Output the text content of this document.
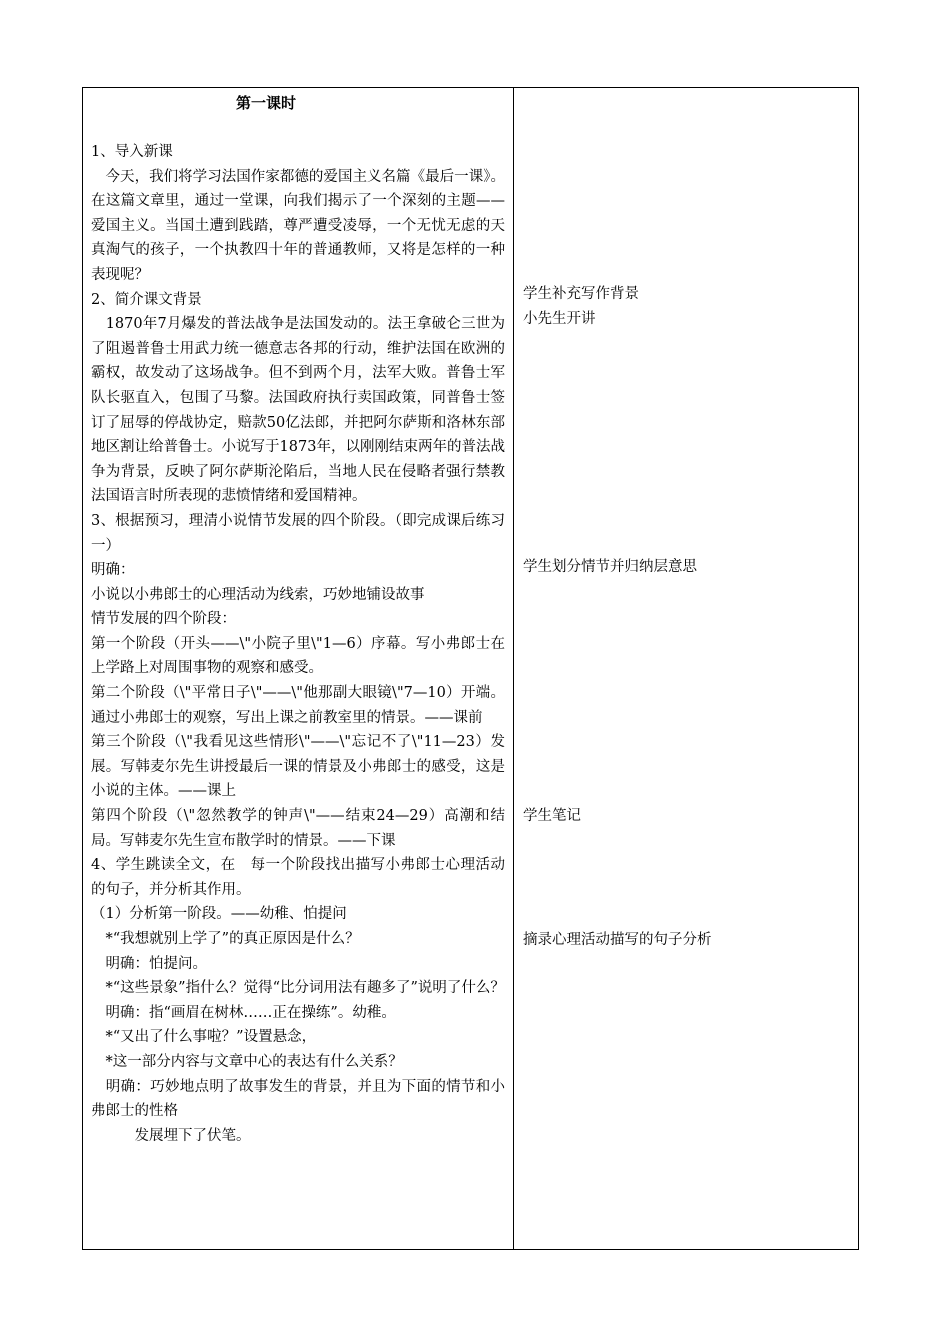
第一课时

1、导入新课

　今天，我们将学习法国作家都德的爱国主义名篇《最后一课》。在这篇文章里，通过一堂课，向我们揭示了一个深刻的主题——爱国主义。当国土遭到践踏，尊严遭受凌辱，一个无忧无虑的天真淘气的孩子，一个执教四十年的普通教师，又将是怎样的一种表现呢？

2、简介课文背景

　1870年7月爆发的普法战争是法国发动的。法王拿破仑三世为了阻遏普鲁士用武力统一德意志各邦的行动，维护法国在欧洲的霸权，故发动了这场战争。但不到两个月，法军大败。普鲁士军队长驱直入，包围了马黎。法国政府执行卖国政策，同普鲁士签订了屈辱的停战协定，赔款50亿法郎，并把阿尔萨斯和洛林东部地区割让给普鲁士。小说写于1873年，以刚刚结束两年的普法战争为背景，反映了阿尔萨斯沦陷后，当地人民在侵略者强行禁教法国语言时所表现的悲愤情绪和爱国精神。

3、根据预习，理清小说情节发展的四个阶段。（即完成课后练习一）

明确：

小说以小弗郎士的心理活动为线索，巧妙地铺设故事

情节发展的四个阶段：

第一个阶段（开头——\"小院子里\"1—6）序幕。写小弗郎士在上学路上对周围事物的观察和感受。

第二个阶段（\"平常日子\"——\"他那副大眼镜\"7—10）开端。通过小弗郎士的观察，写出上课之前教室里的情景。——课前

第三个阶段（\"我看见这些情形\"——\"忘记不了\"11—23）发展。写韩麦尔先生讲授最后一课的情景及小弗郎士的感受，这是小说的主体。——课上

第四个阶段（\"忽然教学的钟声\"——结束24—29）高潮和结局。写韩麦尔先生宣布散学时的情景。——下课

4、学生跳读全文，在　每一个阶段找出描写小弗郎士心理活动的句子，并分析其作用。

（1）分析第一阶段。——幼稚、怕提问

　*“我想就别上学了”的真正原因是什么？

　明确：怕提问。

　*“这些景象”指什么？觉得“比分词用法有趣多了”说明了什么？

　明确：指“画眉在树林……正在操练”。幼稚。

　*“又出了什么事啦？”设置悬念，

　*这一部分内容与文章中心的表达有什么关系？

　明确：巧妙地点明了故事发生的背景，并且为下面的情节和小弗郎士的性格

　　　发展埋下了伏笔。

学生补充写作背景
小先生开讲
学生划分情节并归纳层意思
学生笔记
摘录心理活动描写的句子分析
